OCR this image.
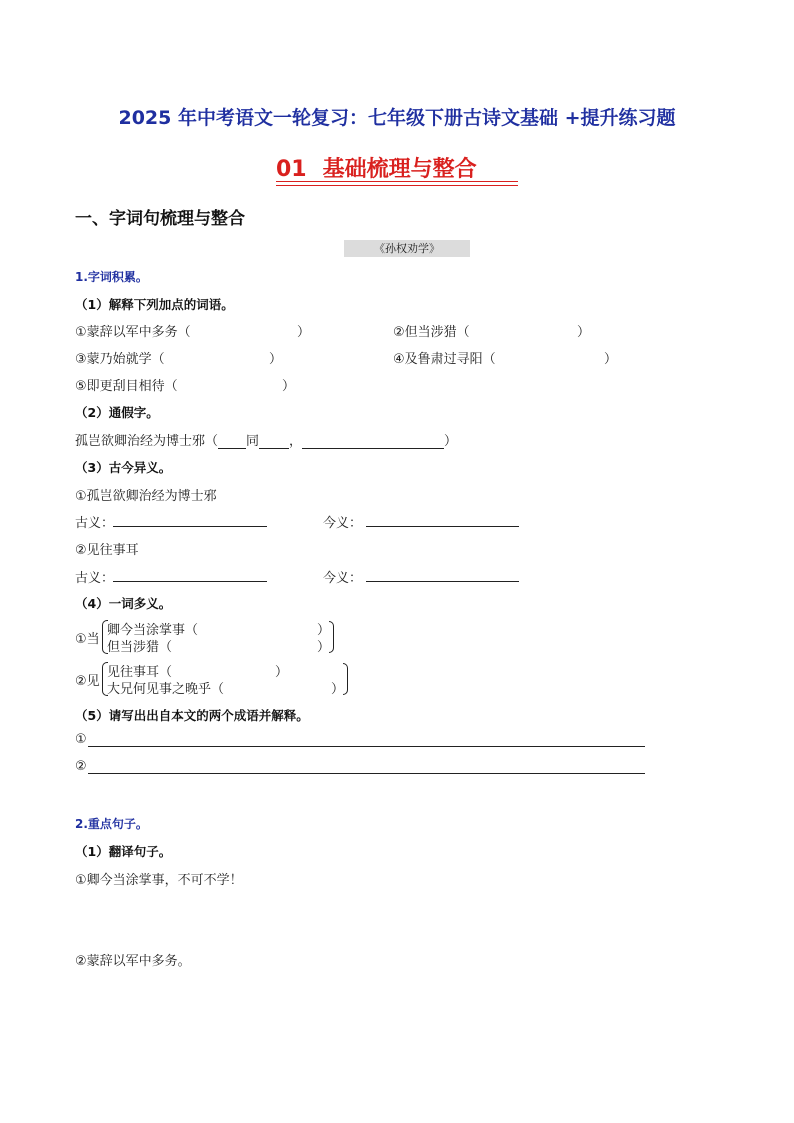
2025 年中考语文一轮复习：七年级下册古诗文基础 +提升练习题
01 基础梳理与整合
一、字词句梳理与整合
《孙权劝学》
1.字词积累。
（1）解释下列加点的词语。
①蒙辞以军中多务（	）	②但当涉猎（	）
③蒙乃始就学（	）	④及鲁肃过寻阳（	）
⑤即更刮目相待（	）
（2）通假字。
孤岂欲卿治经为博士邪（ 同 ，	）
（3）古今异义。
①孤岂欲卿治经为博士邪
古义：	今义：
②见往事耳
古义：	今义：
（4）一词多义。
①当
卿今当涂掌事（	）
但当涉猎（	）
②见
见往事耳（	）
大兄何见事之晚乎（	）
（5）请写出出自本文的两个成语并解释。
①
②
2.重点句子。
（1）翻译句子。
①卿今当涂掌事，不可不学！
②蒙辞以军中多务。
